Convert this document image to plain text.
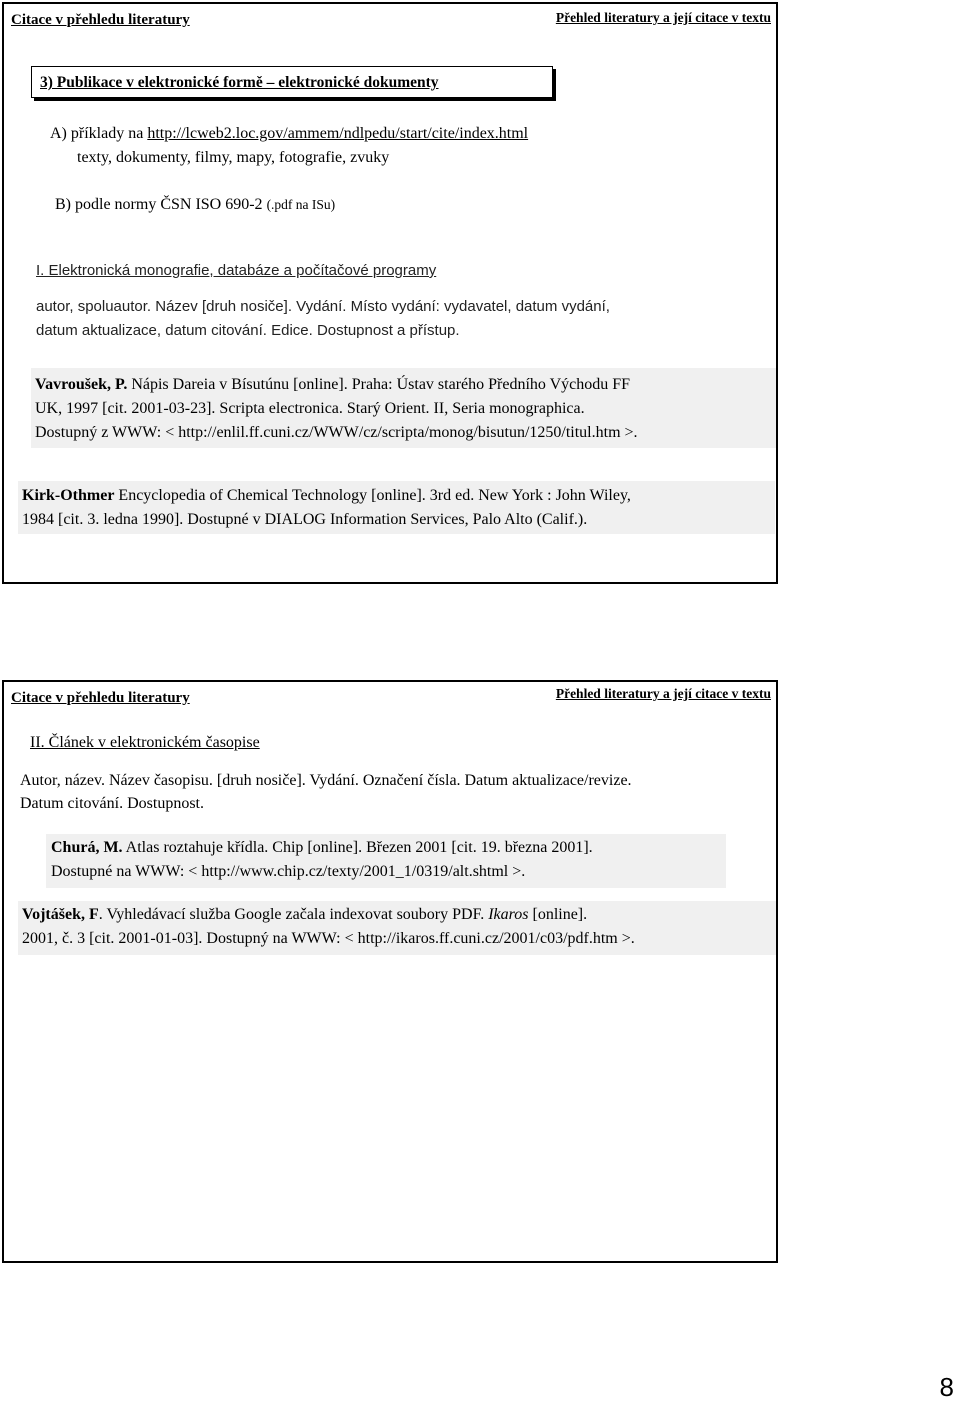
Citace v přehledu literatury	Přehled literatury a její citace v textu
3) Publikace v elektronické formě – elektronické dokumenty
A) příklady na http://lcweb2.loc.gov/ammem/ndlpedu/start/cite/index.html
texty, dokumenty, filmy, mapy, fotografie, zvuky
B) podle normy ČSN ISO 690-2 (.pdf na ISu)
I. Elektronická monografie, databáze a počítačové programy
autor, spoluautor. Název [druh nosiče]. Vydání. Místo vydání: vydavatel, datum vydání,
datum aktualizace, datum citování. Edice. Dostupnost a přístup.
Vavroušek, P. Nápis Dareia v Bísutúnu [online]. Praha: Ústav starého Předního Východu FF
UK, 1997 [cit. 2001-03-23]. Scripta electronica. Starý Orient. II, Seria monographica.
Dostupný z WWW: < http://enlil.ff.cuni.cz/WWW/cz/scripta/monog/bisutun/1250/titul.htm >.
Kirk-Othmer Encyclopedia of Chemical Technology [online]. 3rd ed. New York : John Wiley,
1984 [cit. 3. ledna 1990]. Dostupné v DIALOG Information Services, Palo Alto (Calif.).
Citace v přehledu literatury	Přehled literatury a její citace v textu
II. Článek v elektronickém časopise
Autor, název. Název časopisu. [druh nosiče]. Vydání. Označení čísla. Datum aktualizace/revize.
Datum citování. Dostupnost.
Churá, M. Atlas roztahuje křídla. Chip [online]. Březen 2001 [cit. 19. března 2001].
Dostupné na WWW: < http://www.chip.cz/texty/2001_1/0319/alt.shtml >.
Vojtášek, F. Vyhledávací služba Google začala indexovat soubory PDF. Ikaros [online].
2001, č. 3 [cit. 2001-01-03]. Dostupný na WWW: < http://ikaros.ff.cuni.cz/2001/c03/pdf.htm >.
8
